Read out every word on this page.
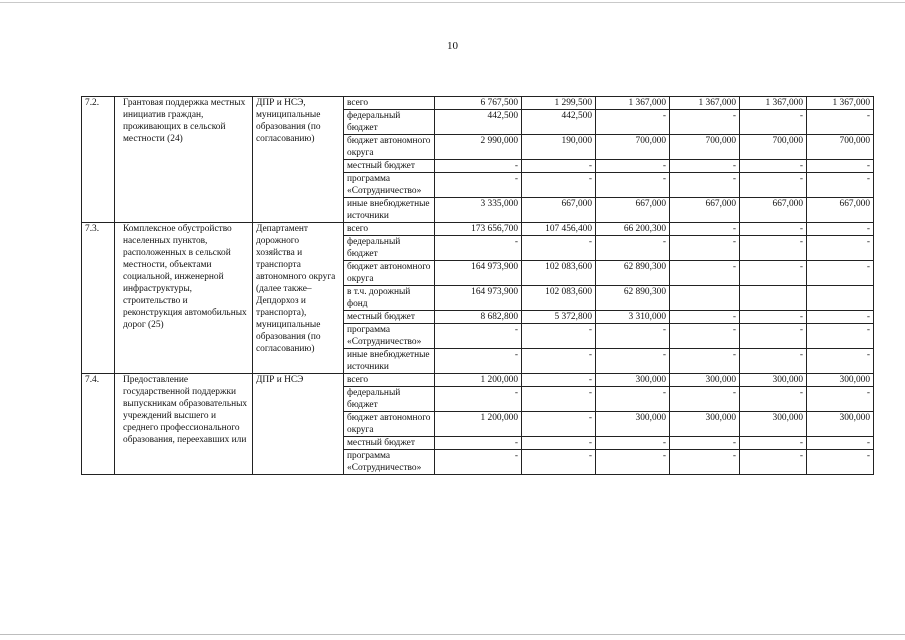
10
7.2.	Грантовая поддержка местных инициатив граждан, проживающих в сельской местности (24)	ДПР и НСЭ, муниципальные образования (по согласованию)	всего	6 767,500	1 299,500	1 367,000	1 367,000	1 367,000	1 367,000
			федеральный бюджет	442,500	442,500	-	-	-	-
			бюджет автономного округа	2 990,000	190,000	700,000	700,000	700,000	700,000
			местный бюджет	-	-	-	-	-	-
			программа «Сотрудничество»	-	-	-	-	-	-
			иные внебюджетные источники	3 335,000	667,000	667,000	667,000	667,000	667,000
7.3.	Комплексное обустройство населенных пунктов, расположенных в сельской местности, объектами социальной, инженерной инфраструктуры, строительство и реконструкция автомобильных дорог (25)	Департамент дорожного хозяйства и транспорта автономного округа (далее также– Депдорхоз и транспорта), муниципальные образования (по согласованию)	всего	173 656,700	107 456,400	66 200,300	-	-	-
			федеральный бюджет	-	-	-	-	-	-
			бюджет автономного округа	164 973,900	102 083,600	62 890,300	-	-	-
			в т.ч. дорожный фонд	164 973,900	102 083,600	62 890,300			
			местный бюджет	8 682,800	5 372,800	3 310,000	-	-	-
			программа «Сотрудничество»	-	-	-	-	-	-
			иные внебюджетные источники	-	-	-	-	-	-
7.4.	Предоставление государственной поддержки выпускникам образовательных учреждений высшего и среднего профессионального образования, переехавших или	ДПР и НСЭ	всего	1 200,000	-	300,000	300,000	300,000	300,000
			федеральный бюджет	-	-	-	-	-	-
			бюджет автономного округа	1 200,000	-	300,000	300,000	300,000	300,000
			местный бюджет	-	-	-	-	-	-
			программа «Сотрудничество»	-	-	-	-	-	-
